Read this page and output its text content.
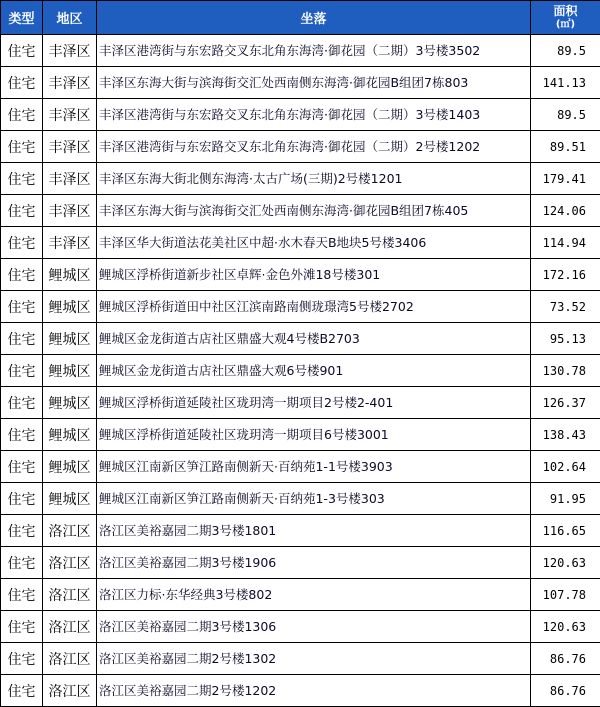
类型	地区	坐落	面积
(㎡)

住宅	丰泽区	丰泽区港湾街与东宏路交叉东北角东海湾·御花园（二期）3号楼3502	89.5
住宅	丰泽区	丰泽区东海大街与滨海街交汇处西南侧东海湾·御花园B组团7栋803	141.13
住宅	丰泽区	丰泽区港湾街与东宏路交叉东北角东海湾·御花园（二期）3号楼1403	89.5
住宅	丰泽区	丰泽区港湾街与东宏路交叉东北角东海湾·御花园（二期）2号楼1202	89.51
住宅	丰泽区	丰泽区东海大街北侧东海湾·太古广场(三期)2号楼1201	179.41
住宅	丰泽区	丰泽区东海大街与滨海街交汇处西南侧东海湾·御花园B组团7栋405	124.06
住宅	丰泽区	丰泽区华大街道法花美社区中超·水木春天B地块5号楼3406	114.94
住宅	鲤城区	鲤城区浮桥街道新步社区卓辉·金色外滩18号楼301	172.16
住宅	鲤城区	鲤城区浮桥街道田中社区江滨南路南侧珑璟湾5号楼2702	73.52
住宅	鲤城区	鲤城区金龙街道古店社区鼎盛大观4号楼B2703	95.13
住宅	鲤城区	鲤城区金龙街道古店社区鼎盛大观6号楼901	130.78
住宅	鲤城区	鲤城区浮桥街道延陵社区珑玥湾一期项目2号楼2-401	126.37
住宅	鲤城区	鲤城区浮桥街道延陵社区珑玥湾一期项目6号楼3001	138.43
住宅	鲤城区	鲤城区江南新区笋江路南侧新天·百纳苑1-1号楼3903	102.64
住宅	鲤城区	鲤城区江南新区笋江路南侧新天·百纳苑1-3号楼303	91.95
住宅	洛江区	洛江区美裕嘉园二期3号楼1801	116.65
住宅	洛江区	洛江区美裕嘉园二期3号楼1906	120.63
住宅	洛江区	洛江区力标·东华经典3号楼802	107.78
住宅	洛江区	洛江区美裕嘉园二期3号楼1306	120.63
住宅	洛江区	洛江区美裕嘉园二期2号楼1302	86.76
住宅	洛江区	洛江区美裕嘉园二期2号楼1202	86.76
